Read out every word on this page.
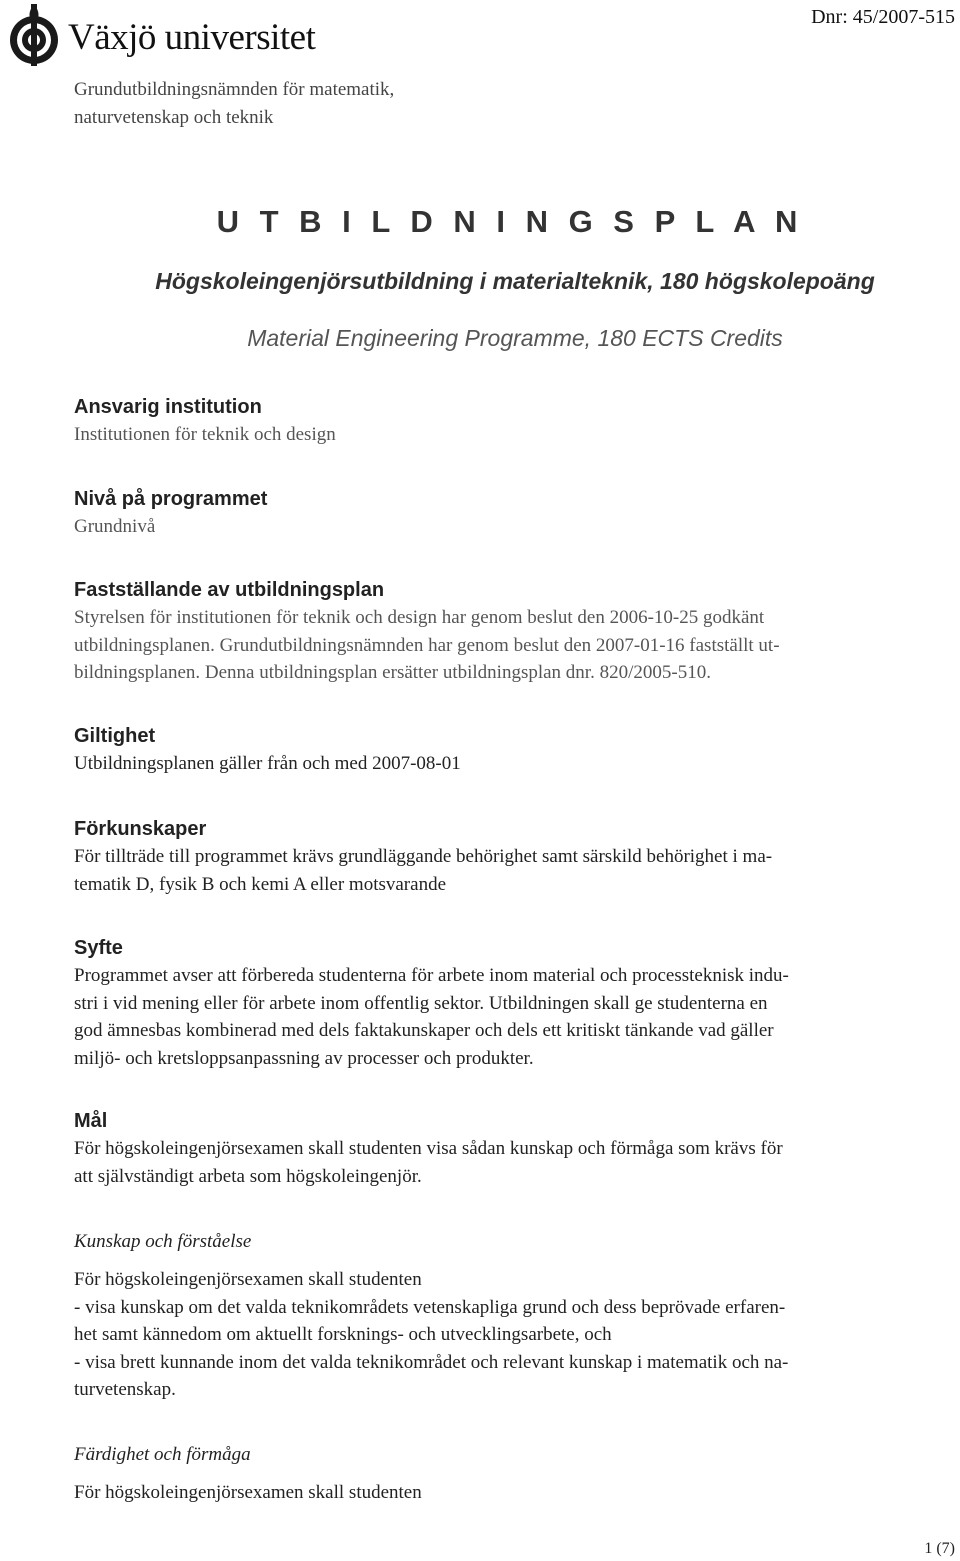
Växjö universitet	Dnr: 45/2007-515
Grundutbildningsnämnden för matematik,
naturvetenskap och teknik
U T B I L D N I N G S P L A N
Högskoleingenjörsutbildning i materialteknik, 180 högskolepoäng
Material Engineering Programme, 180 ECTS Credits
Ansvarig institution
Institutionen för teknik och design
Nivå på programmet
Grundnivå
Fastställande av utbildningsplan
Styrelsen för institutionen för teknik och design har genom beslut den 2006-10-25 godkänt
utbildningsplanen. Grundutbildningsnämnden har genom beslut den 2007-01-16 fastställt ut-
bildningsplanen. Denna utbildningsplan ersätter utbildningsplan dnr. 820/2005-510.
Giltighet
Utbildningsplanen gäller från och med 2007-08-01
Förkunskaper
För tillträde till programmet krävs grundläggande behörighet samt särskild behörighet i ma-
tematik D, fysik B och kemi A eller motsvarande
Syfte
Programmet avser att förbereda studenterna för arbete inom material och processteknisk indu-
stri i vid mening eller för arbete inom offentlig sektor. Utbildningen skall ge studenterna en
god ämnesbas kombinerad med dels faktakunskaper och dels ett kritiskt tänkande vad gäller
miljö- och kretsloppsanpassning av processer och produkter.
Mål
För högskoleingenjörsexamen skall studenten visa sådan kunskap och förmåga som krävs för
att självständigt arbeta som högskoleingenjör.
Kunskap och förståelse
För högskoleingenjörsexamen skall studenten
- visa kunskap om det valda teknikområdets vetenskapliga grund och dess beprövade erfaren-
het samt kännedom om aktuellt forsknings- och utvecklingsarbete, och
- visa brett kunnande inom det valda teknikområdet och relevant kunskap i matematik och na-
turvetenskap.
Färdighet och förmåga
För högskoleingenjörsexamen skall studenten
1 (7)
